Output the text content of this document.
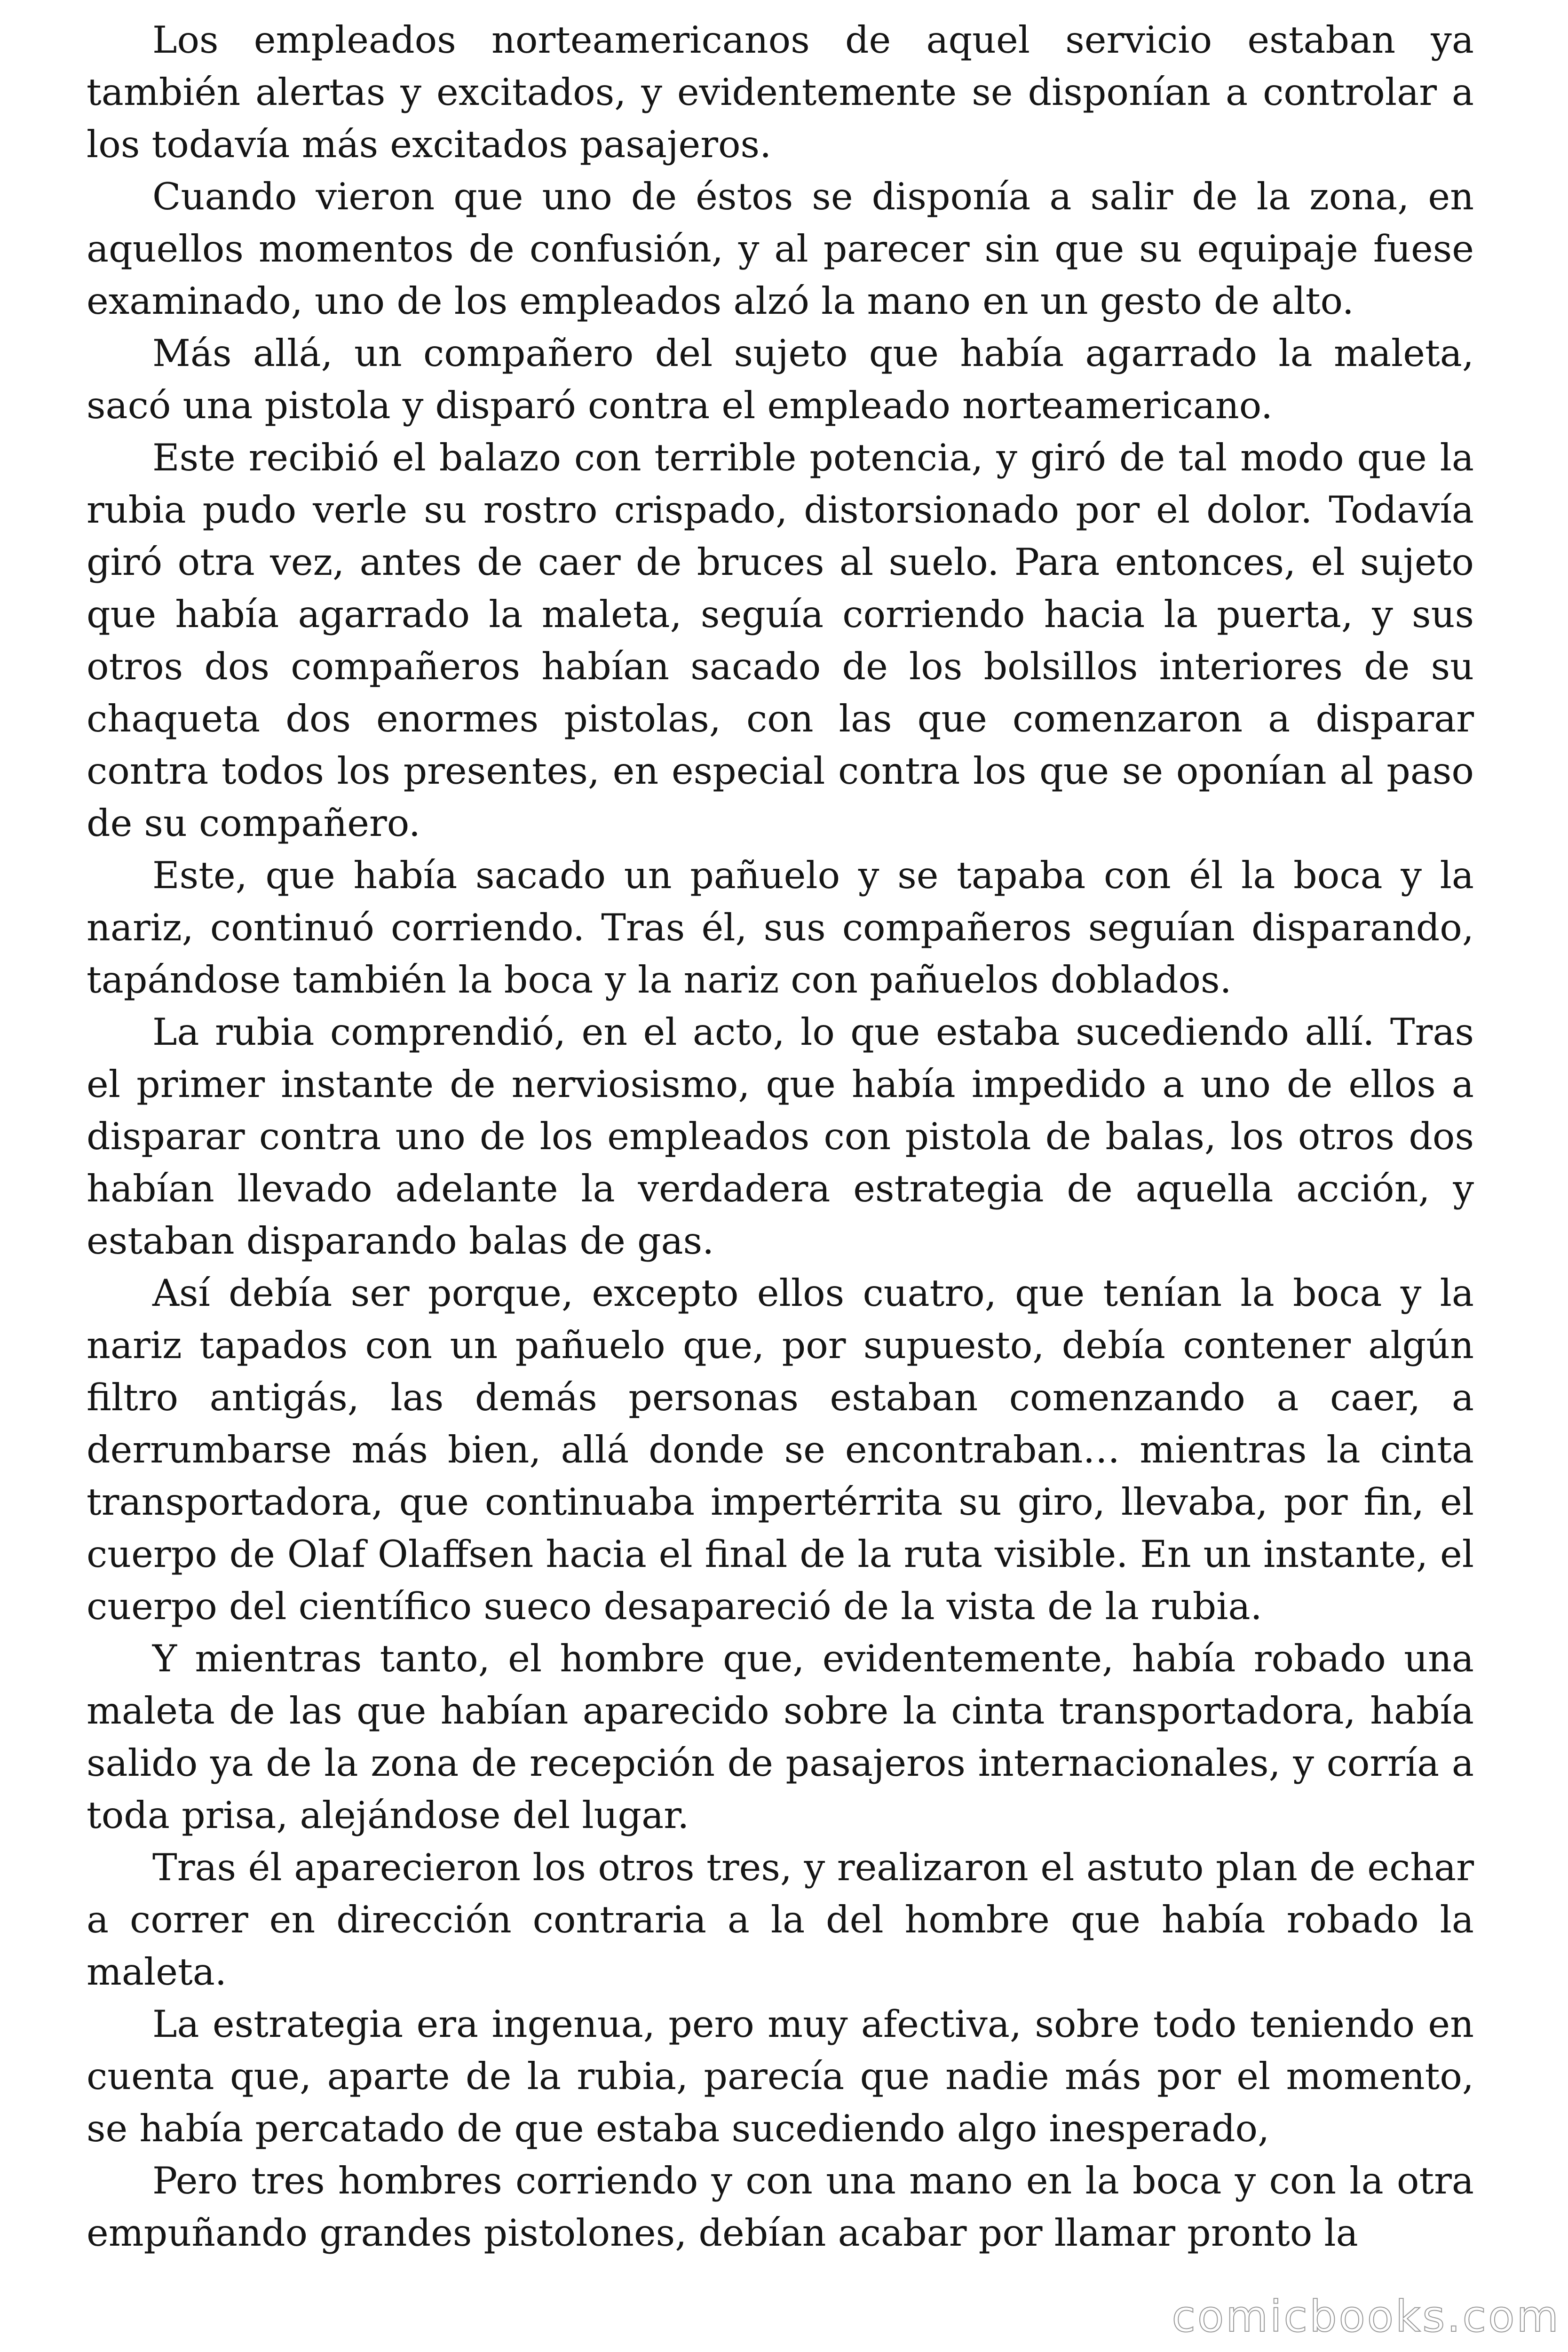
Los empleados norteamericanos de aquel servicio estaban ya también alertas y excitados, y evidentemente se disponían a controlar a los todavía más excitados pasajeros.

Cuando vieron que uno de éstos se disponía a salir de la zona, en aquellos momentos de confusión, y al parecer sin que su equipaje fuese examinado, uno de los empleados alzó la mano en un gesto de alto.

Más allá, un compañero del sujeto que había agarrado la maleta, sacó una pistola y disparó contra el empleado norteamericano.

Este recibió el balazo con terrible potencia, y giró de tal modo que la rubia pudo verle su rostro crispado, distorsionado por el dolor. Todavía giró otra vez, antes de caer de bruces al suelo. Para entonces, el sujeto que había agarrado la maleta, seguía corriendo hacia la puerta, y sus otros dos compañeros habían sacado de los bolsillos interiores de su chaqueta dos enormes pistolas, con las que comenzaron a disparar contra todos los presentes, en especial contra los que se oponían al paso de su compañero.

Este, que había sacado un pañuelo y se tapaba con él la boca y la nariz, continuó corriendo. Tras él, sus compañeros seguían disparando, tapándose también la boca y la nariz con pañuelos doblados.

La rubia comprendió, en el acto, lo que estaba sucediendo allí. Tras el primer instante de nerviosismo, que había impedido a uno de ellos a disparar contra uno de los empleados con pistola de balas, los otros dos habían llevado adelante la verdadera estrategia de aquella acción, y estaban disparando balas de gas.

Así debía ser porque, excepto ellos cuatro, que tenían la boca y la nariz tapados con un pañuelo que, por supuesto, debía contener algún filtro antigás, las demás personas estaban comenzando a caer, a derrumbarse más bien, allá donde se encontraban… mientras la cinta transportadora, que continuaba impertérrita su giro, llevaba, por fin, el cuerpo de Olaf Olaffsen hacia el final de la ruta visible. En un instante, el cuerpo del científico sueco desapareció de la vista de la rubia.

Y mientras tanto, el hombre que, evidentemente, había robado una maleta de las que habían aparecido sobre la cinta transportadora, había salido ya de la zona de recepción de pasajeros internacionales, y corría a toda prisa, alejándose del lugar.

Tras él aparecieron los otros tres, y realizaron el astuto plan de echar a correr en dirección contraria a la del hombre que había robado la maleta.

La estrategia era ingenua, pero muy afectiva, sobre todo teniendo en cuenta que, aparte de la rubia, parecía que nadie más por el momento, se había percatado de que estaba sucediendo algo inesperado,

Pero tres hombres corriendo y con una mano en la boca y con la otra empuñando grandes pistolones, debían acabar por llamar pronto la

comicbooks.com
